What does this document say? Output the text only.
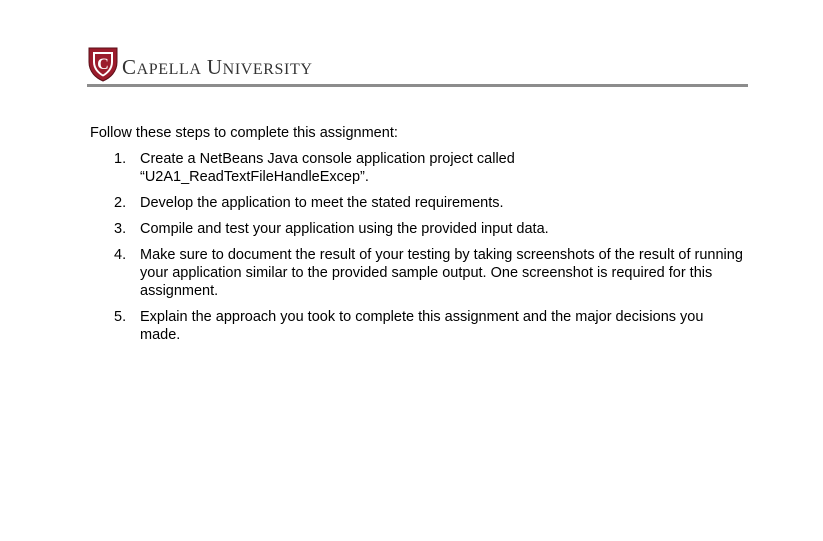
C CAPELLA UNIVERSITY

Follow these steps to complete this assignment:

1. Create a NetBeans Java console application project called “U2A1_ReadTextFileHandleExcep”.
2. Develop the application to meet the stated requirements.
3. Compile and test your application using the provided input data.
4. Make sure to document the result of your testing by taking screenshots of the result of running your application similar to the provided sample output. One screenshot is required for this assignment.
5. Explain the approach you took to complete this assignment and the major decisions you made.
